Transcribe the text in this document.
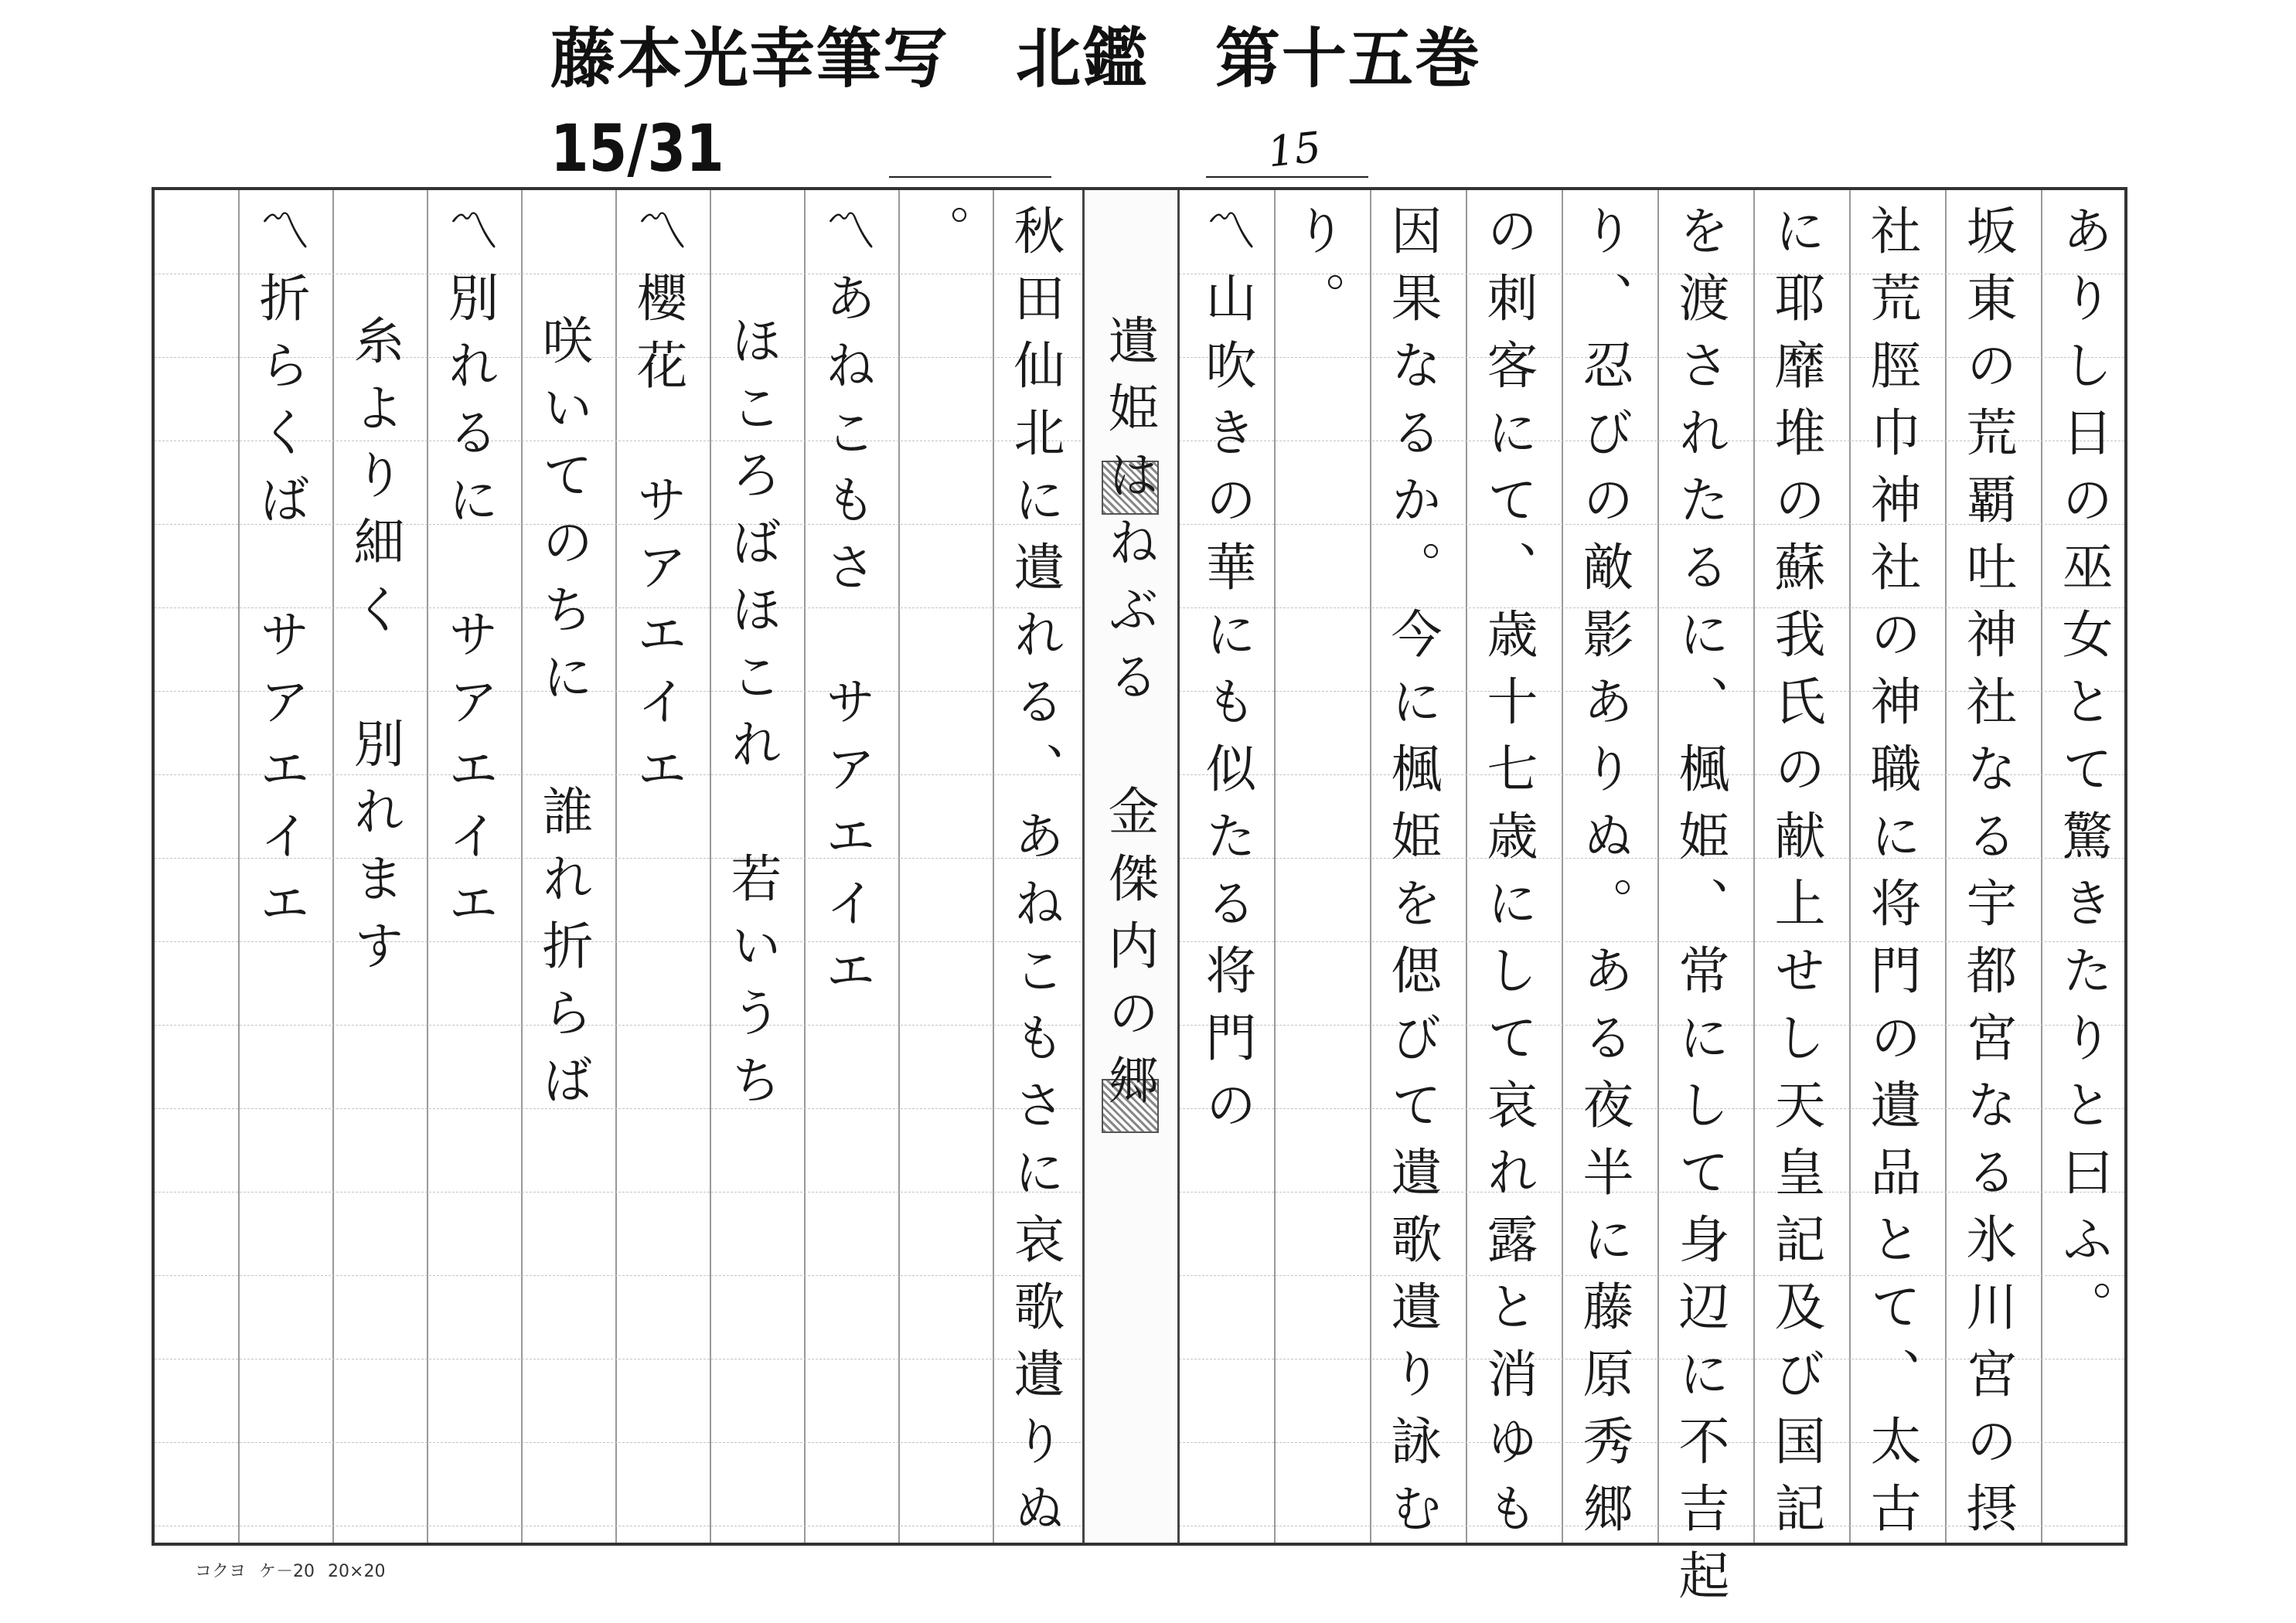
藤本光幸筆写　北鑑　第十五巻
15/31	15
ありし日の巫女とて驚きたりと曰ふ。
坂東の荒覇吐神社なる宇都宮なる氷川宮の摂
社荒脛巾神社の神職に将門の遺品とて、太古
に耶靡堆の蘇我氏の献上せし天皇記及び国記
を渡されたるに、楓姫、常にして身辺に不吉起
り、忍びの敵影ありぬ。ある夜半に藤原秀郷
の刺客にて、歳十七歳にして哀れ露と消ゆも
因果なるか。今に楓姫を偲びて遺歌遺り詠む
り。
〽山吹きの華にも似たる将門の
遺姫はねぶる　金傑内の郷
秋田仙北に遺れる、あねこもさに哀歌遺りぬ
。
〽あねこもさ　サアエイエ
ほころばほこれ　若いうち
〽櫻花　サアエイエ
咲いてのちに　誰れ折らば
〽別れるに　サアエイエ
糸より細く　別れます
〽折らくば　サアエイエ
コクヨ ケ－20 20×20
